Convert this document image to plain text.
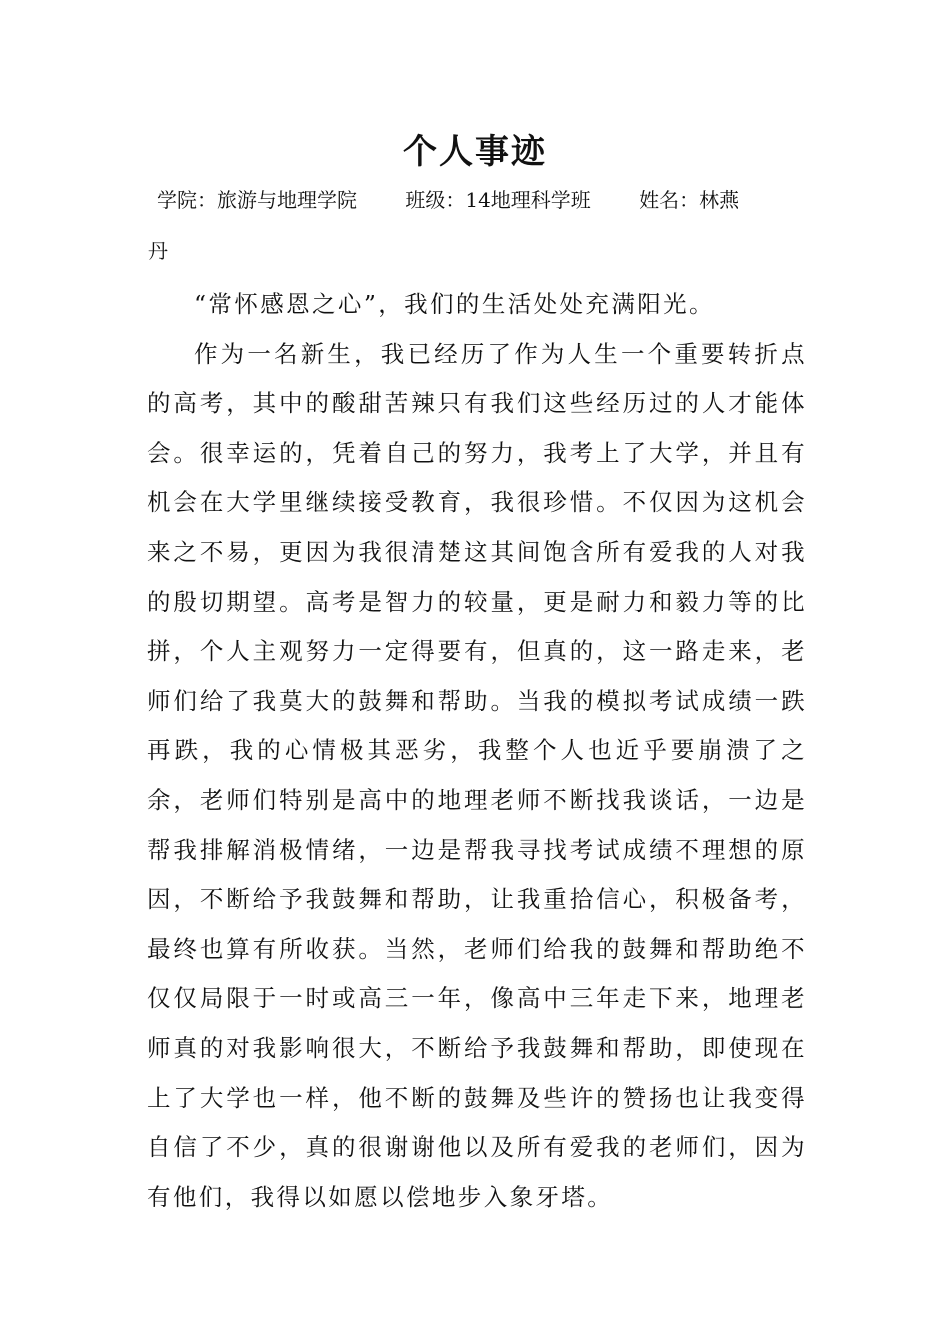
个人事迹
学院：旅游与地理学院 班级：14地理科学班 姓名：林燕
丹

“常怀感恩之心”，我们的生活处处充满阳光。

作为一名新生，我已经历了作为人生一个重要转折点的高考，其中的酸甜苦辣只有我们这些经历过的人才能体会。很幸运的，凭着自己的努力，我考上了大学，并且有机会在大学里继续接受教育，我很珍惜。不仅因为这机会来之不易，更因为我很清楚这其间饱含所有爱我的人对我的殷切期望。高考是智力的较量，更是耐力和毅力等的比拼，个人主观努力一定得要有，但真的，这一路走来，老师们给了我莫大的鼓舞和帮助。当我的模拟考试成绩一跌再跌，我的心情极其恶劣，我整个人也近乎要崩溃了之余，老师们特别是高中的地理老师不断找我谈话，一边是帮我排解消极情绪，一边是帮我寻找考试成绩不理想的原因，不断给予我鼓舞和帮助，让我重拾信心，积极备考，最终也算有所收获。当然，老师们给我的鼓舞和帮助绝不仅仅局限于一时或高三一年，像高中三年走下来，地理老师真的对我影响很大，不断给予我鼓舞和帮助，即使现在上了大学也一样，他不断的鼓舞及些许的赞扬也让我变得自信了不少，真的很谢谢他以及所有爱我的老师们，因为有他们，我得以如愿以偿地步入象牙塔。
